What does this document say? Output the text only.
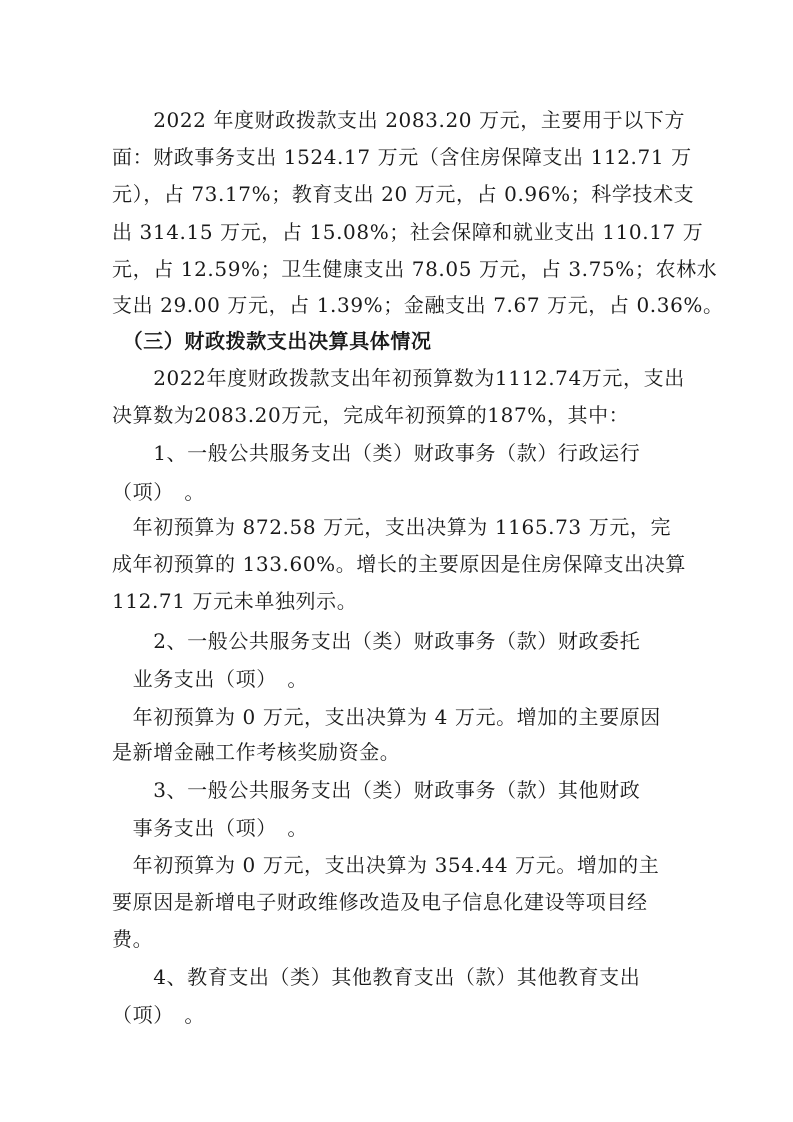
　　2022 年度财政拨款支出 2083.20 万元，主要用于以下方
面：财政事务支出 1524.17 万元（含住房保障支出 112.71 万
元），占 73.17%；教育支出 20 万元，占 0.96%；科学技术支
出 314.15 万元，占 15.08%；社会保障和就业支出 110.17 万
元，占 12.59%；卫生健康支出 78.05 万元，占 3.75%；农林水
支出 29.00 万元，占 1.39%；金融支出 7.67 万元，占 0.36%。
　（三）财政拨款支出决算具体情况
　　2022年度财政拨款支出年初预算数为1112.74万元，支出
决算数为2083.20万元，完成年初预算的187%，其中：
　　1、一般公共服务支出（类）财政事务（款）行政运行
（项）　。
　年初预算为 872.58 万元，支出决算为 1165.73 万元，完
成年初预算的 133.60%。增长的主要原因是住房保障支出决算
112.71 万元未单独列示。
　　2、一般公共服务支出（类）财政事务（款）财政委托
　业务支出（项）　。
　年初预算为 0 万元，支出决算为 4 万元。增加的主要原因
是新增金融工作考核奖励资金。
　　3、一般公共服务支出（类）财政事务（款）其他财政
　事务支出（项）　。
　年初预算为 0 万元，支出决算为 354.44 万元。增加的主
要原因是新增电子财政维修改造及电子信息化建设等项目经
费。
　　4、教育支出（类）其他教育支出（款）其他教育支出
（项）　。
